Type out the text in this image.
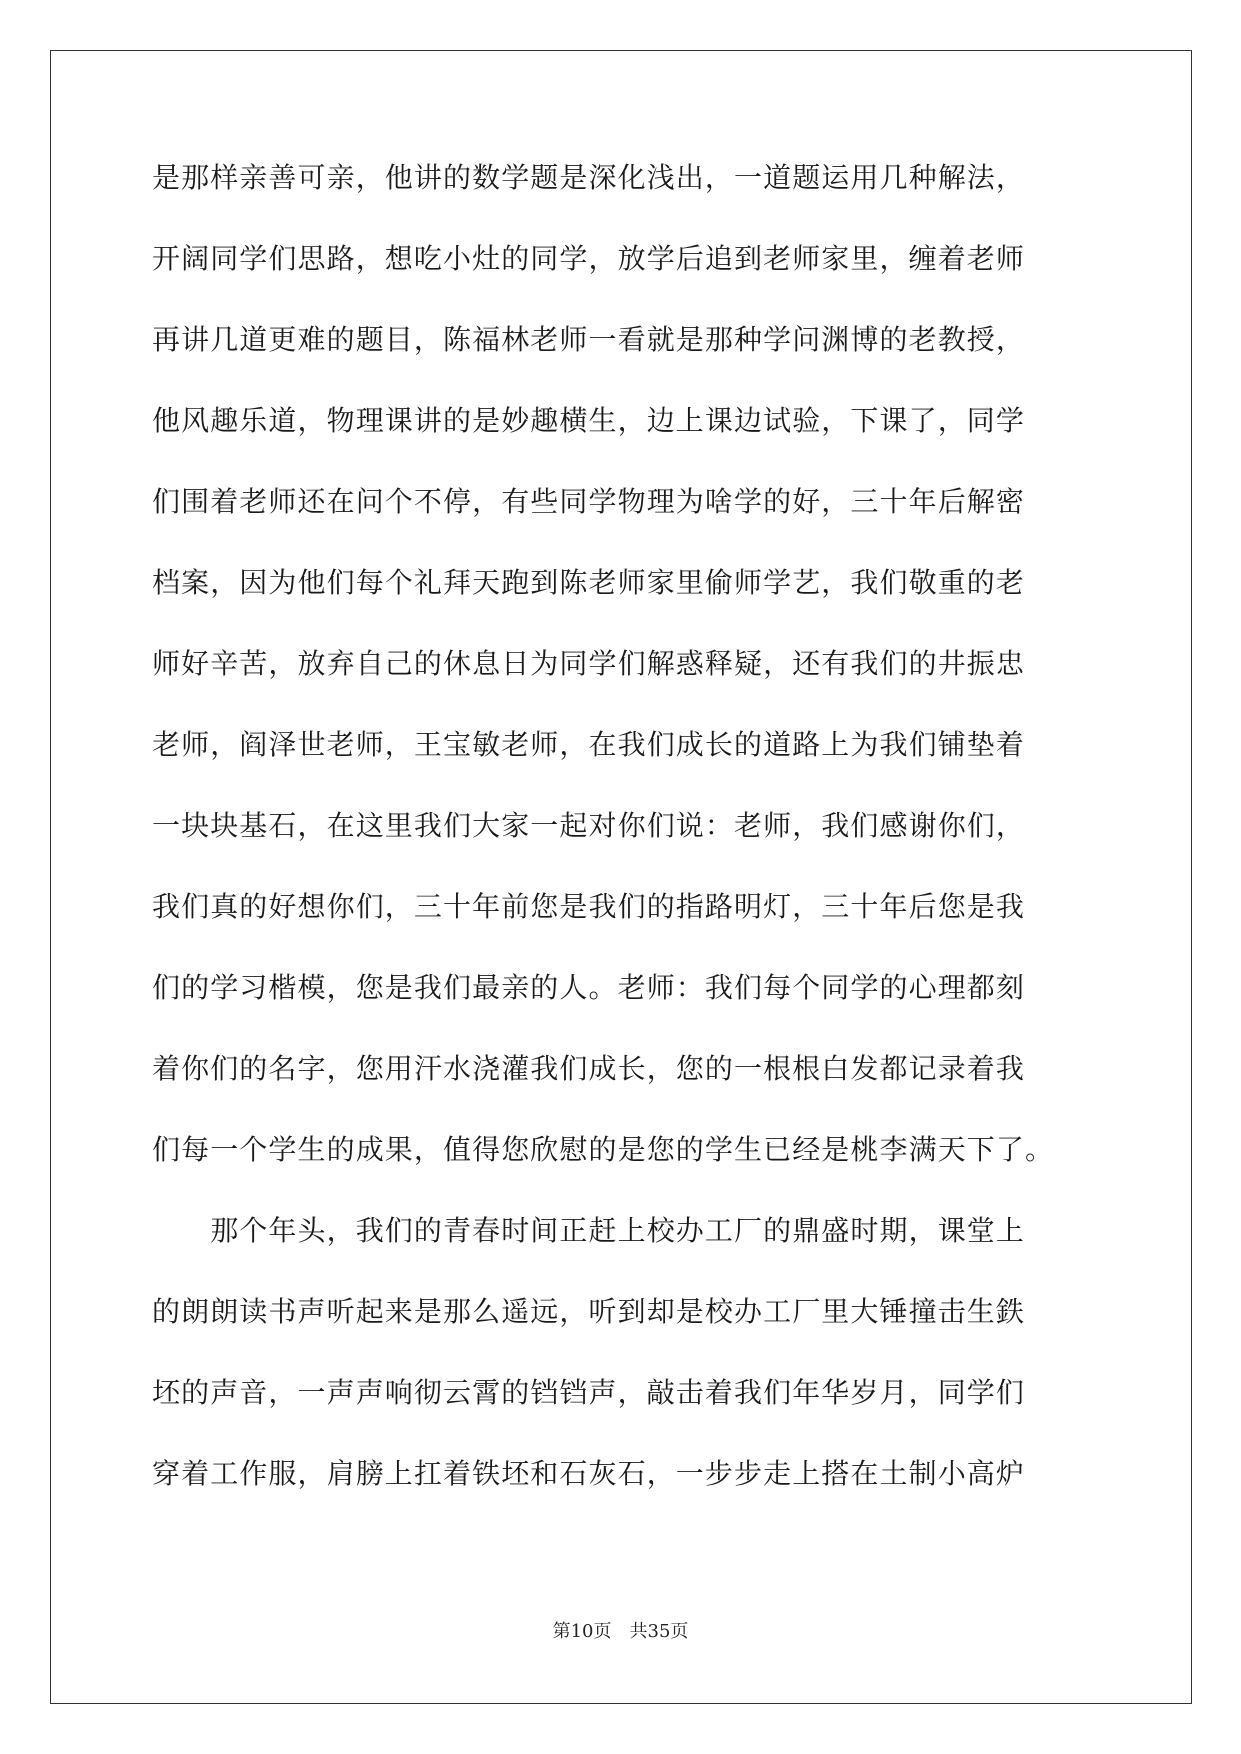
是那样亲善可亲，他讲的数学题是深化浅出，一道题运用几种解法，
开阔同学们思路，想吃小灶的同学，放学后追到老师家里，缠着老师
再讲几道更难的题目，陈福林老师一看就是那种学问渊博的老教授，
他风趣乐道，物理课讲的是妙趣横生，边上课边试验，下课了，同学
们围着老师还在问个不停，有些同学物理为啥学的好，三十年后解密
档案，因为他们每个礼拜天跑到陈老师家里偷师学艺，我们敬重的老
师好辛苦，放弃自己的休息日为同学们解惑释疑，还有我们的井振忠
老师，阎泽世老师，王宝敏老师，在我们成长的道路上为我们铺垫着
一块块基石，在这里我们大家一起对你们说：老师，我们感谢你们，
我们真的好想你们，三十年前您是我们的指路明灯，三十年后您是我
们的学习楷模，您是我们最亲的人。老师：我们每个同学的心理都刻
着你们的名字，您用汗水浇灌我们成长，您的一根根白发都记录着我
们每一个学生的成果，值得您欣慰的是您的学生已经是桃李满天下了。
　　那个年头，我们的青春时间正赶上校办工厂的鼎盛时期，课堂上
的朗朗读书声听起来是那么遥远，听到却是校办工厂里大锤撞击生鉄
坯的声音，一声声响彻云霄的铛铛声，敲击着我们年华岁月，同学们
穿着工作服，肩膀上扛着铁坯和石灰石，一步步走上搭在土制小高炉
第10页　共35页
